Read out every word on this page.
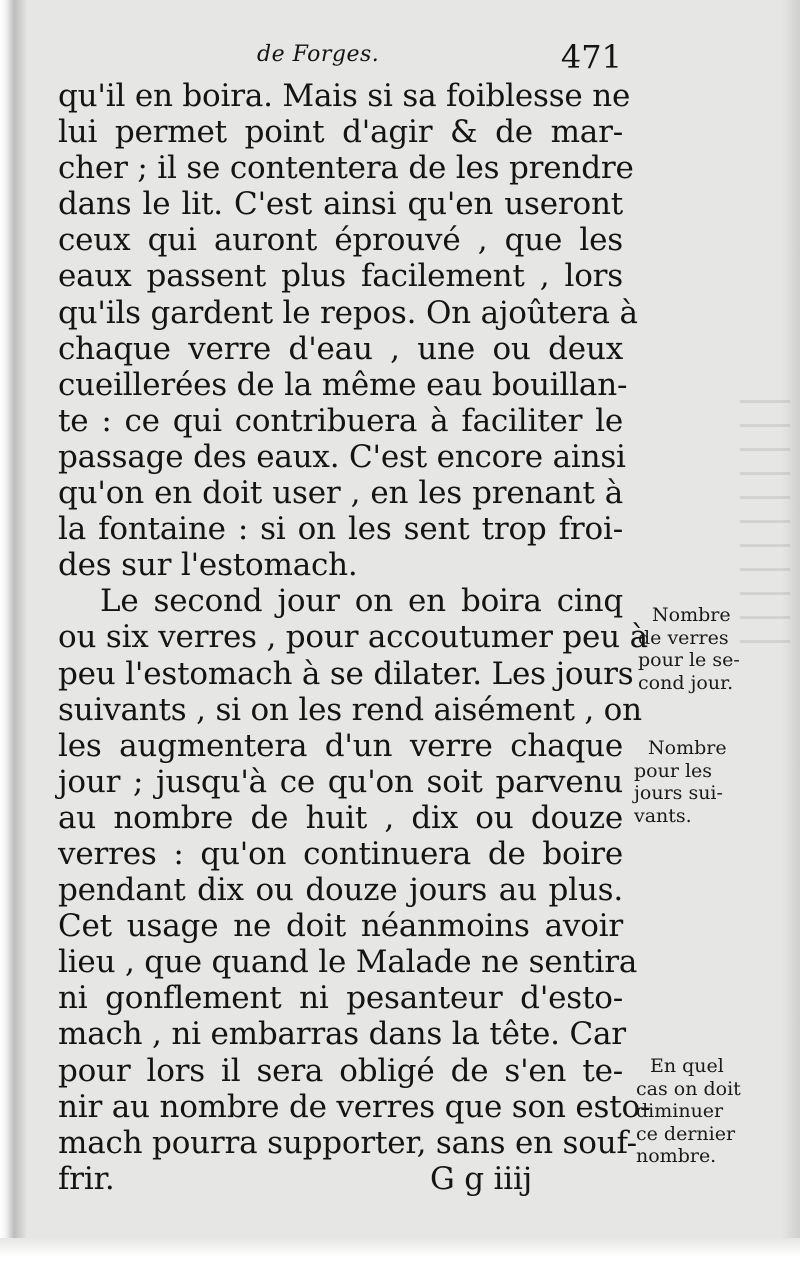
de Forges.	471
qu'il en boira. Mais si sa foiblesse ne
lui permet point d'agir & de mar-
cher ; il se contentera de les prendre
dans le lit. C'est ainsi qu'en useront
ceux qui auront éprouvé , que les
eaux passent plus facilement , lors
qu'ils gardent le repos. On ajoûtera à
chaque verre d'eau , une ou deux
cueillerées de la même eau bouillan-
te : ce qui contribuera à faciliter le
passage des eaux. C'est encore ainsi
qu'on en doit user , en les prenant à
la fontaine : si on les sent trop froi-
des sur l'estomach.
Le second jour on en boira cinq
ou six verres , pour accoutumer peu à
peu l'estomach à se dilater. Les jours
suivants , si on les rend aisément , on
les augmentera d'un verre chaque
jour ; jusqu'à ce qu'on soit parvenu
au nombre de huit , dix ou douze
verres : qu'on continuera de boire
pendant dix ou douze jours au plus.
Cet usage ne doit néanmoins avoir
lieu , que quand le Malade ne sentira
ni gonflement ni pesanteur d'esto-
mach , ni embarras dans la tête. Car
pour lors il sera obligé de s'en te-
nir au nombre de verres que son esto-
mach pourra supporter, sans en souf-
frir.	G g iiij
Nombre
de verres
pour le se-
cond jour.
Nombre
pour les
jours sui-
vants.
En quel
cas on doit
diminuer
ce dernier
nombre.
